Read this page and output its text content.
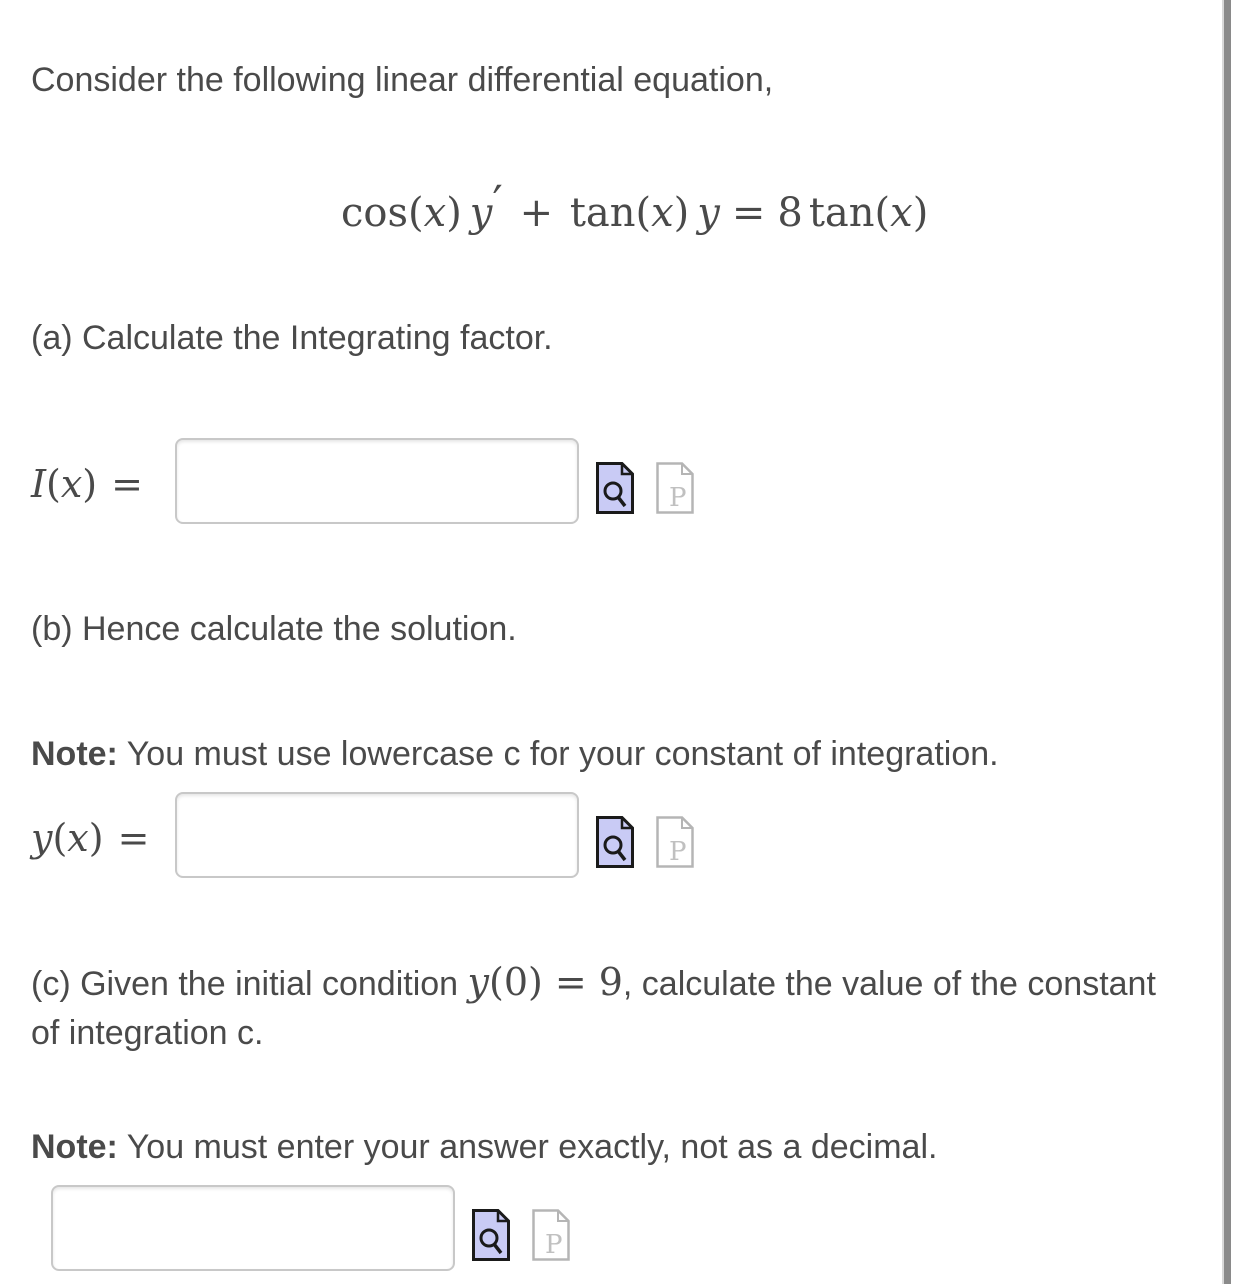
Consider the following linear differential equation,
cos(x) y′ + tan(x) y = 8 tan(x)
(a) Calculate the Integrating factor.
I(x) =	P
(b) Hence calculate the solution.
Note: You must use lowercase c for your constant of integration.
y(x) =	P
(c) Given the initial condition y(0) = 9, calculate the value of the constant
of integration c.
Note: You must enter your answer exactly, not as a decimal.
P
